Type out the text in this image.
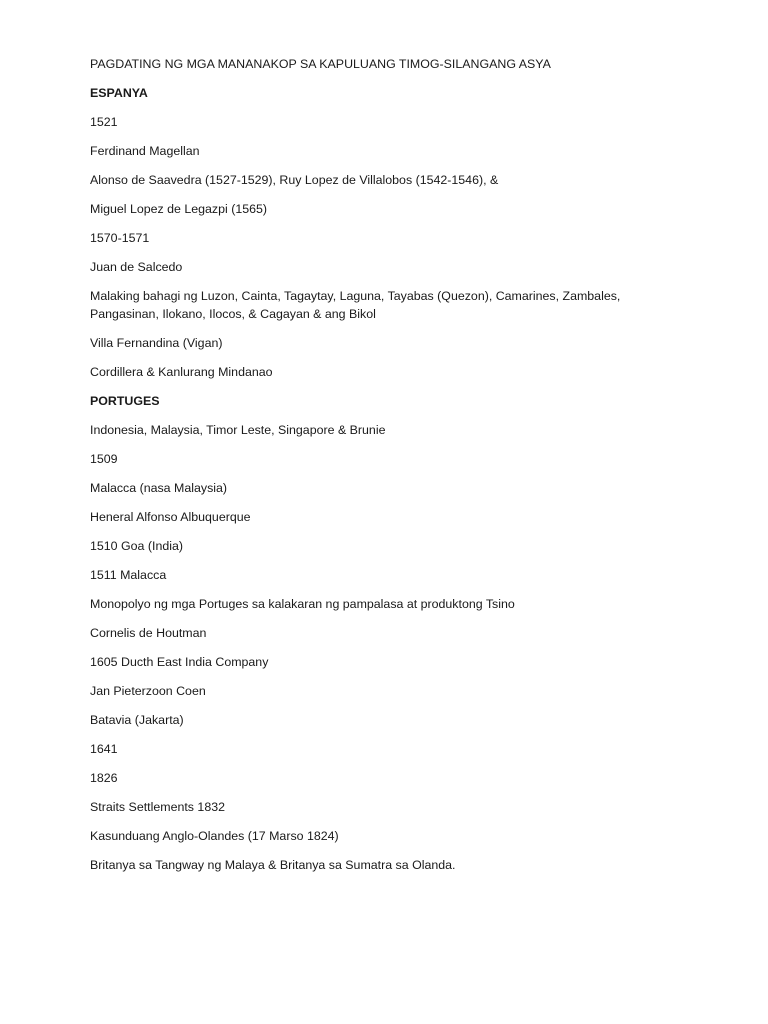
PAGDATING NG MGA MANANAKOP SA KAPULUANG TIMOG-SILANGANG ASYA

ESPANYA

1521

Ferdinand Magellan

Alonso de Saavedra (1527-1529), Ruy Lopez de Villalobos (1542-1546), &

Miguel Lopez de Legazpi (1565)

1570-1571

Juan de Salcedo

Malaking bahagi ng Luzon, Cainta, Tagaytay, Laguna, Tayabas (Quezon), Camarines, Zambales, Pangasinan, Ilokano, Ilocos, & Cagayan & ang Bikol

Villa Fernandina (Vigan)

Cordillera & Kanlurang Mindanao

PORTUGES

Indonesia, Malaysia, Timor Leste, Singapore & Brunie

1509

Malacca (nasa Malaysia)

Heneral Alfonso Albuquerque

1510 Goa (India)

1511 Malacca

Monopolyo ng mga Portuges sa kalakaran ng pampalasa at produktong Tsino

Cornelis de Houtman

1605 Ducth East India Company

Jan Pieterzoon Coen

Batavia (Jakarta)

1641

1826

Straits Settlements 1832

Kasunduang Anglo-Olandes (17 Marso 1824)

Britanya sa Tangway ng Malaya & Britanya sa Sumatra sa Olanda.
